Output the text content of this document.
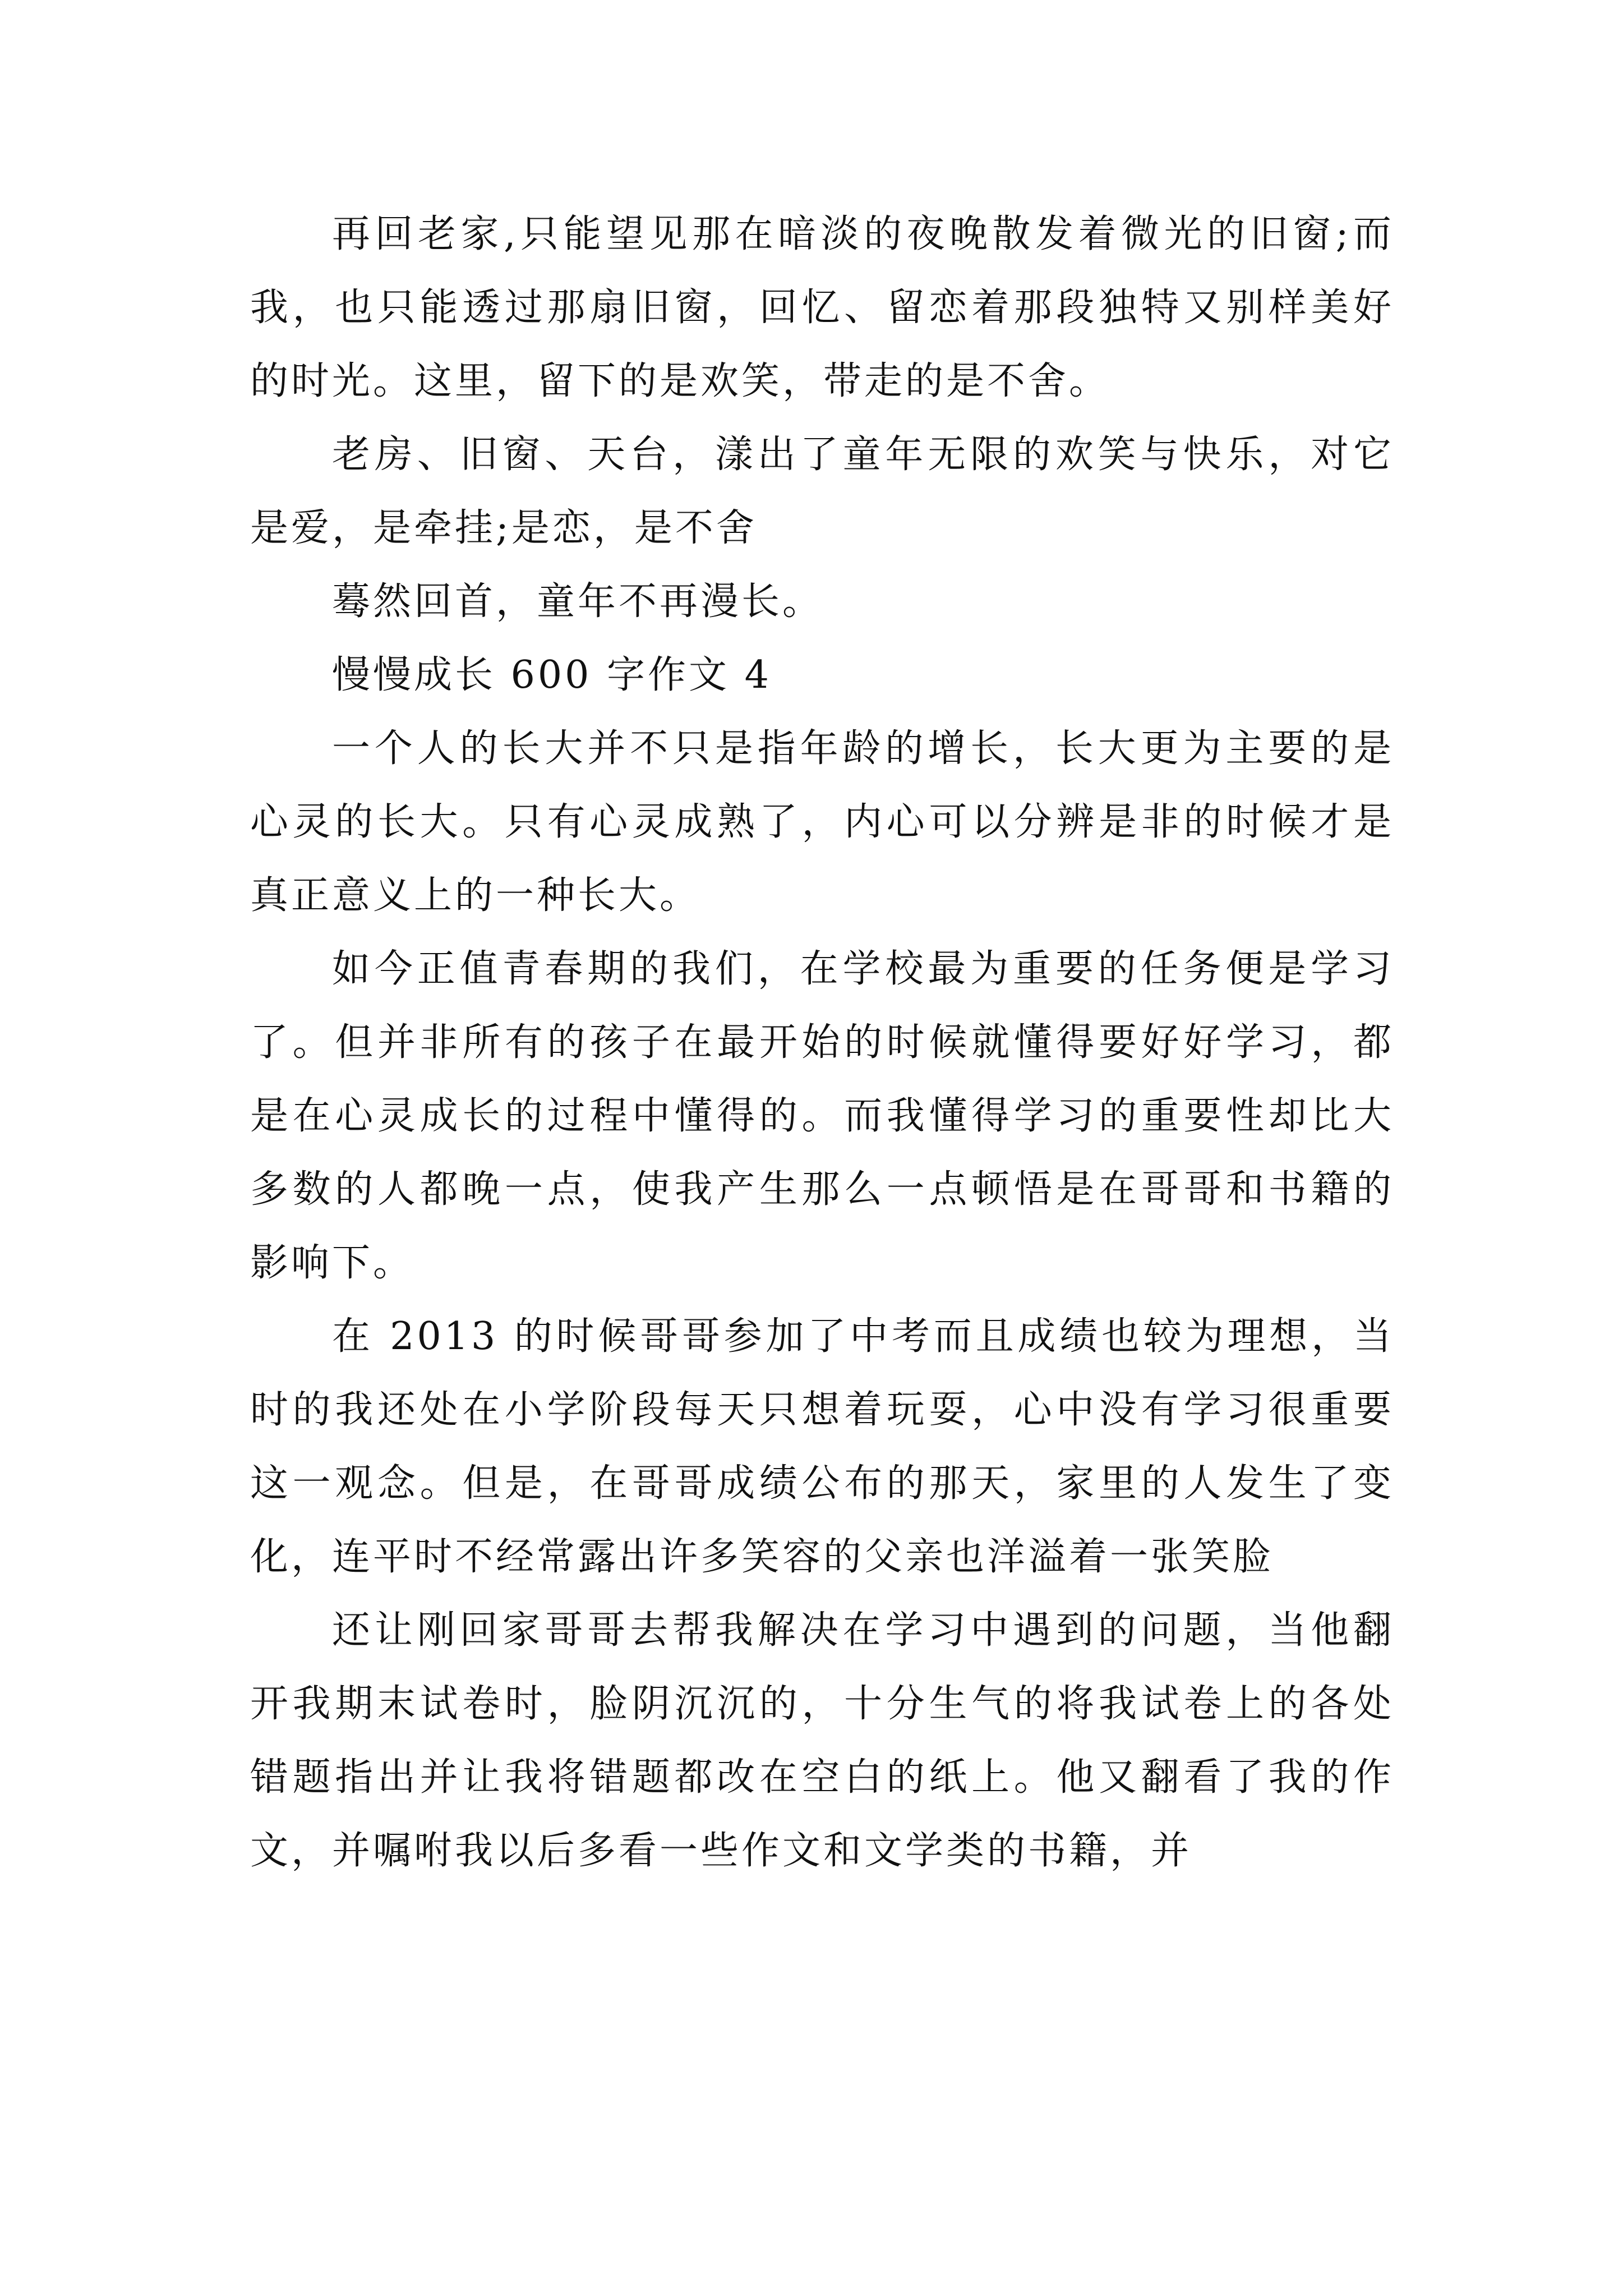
再回老家,只能望见那在暗淡的夜晚散发着微光的旧窗;而我，也只能透过那扇旧窗，回忆、留恋着那段独特又别样美好的时光。这里，留下的是欢笑，带走的是不舍。

老房、旧窗、天台，漾出了童年无限的欢笑与快乐，对它是爱，是牵挂;是恋，是不舍

蓦然回首，童年不再漫长。

慢慢成长 600 字作文 4

一个人的长大并不只是指年龄的增长，长大更为主要的是心灵的长大。只有心灵成熟了，内心可以分辨是非的时候才是真正意义上的一种长大。

如今正值青春期的我们，在学校最为重要的任务便是学习了。但并非所有的孩子在最开始的时候就懂得要好好学习，都是在心灵成长的过程中懂得的。而我懂得学习的重要性却比大多数的人都晚一点，使我产生那么一点顿悟是在哥哥和书籍的影响下。

在 2013 的时候哥哥参加了中考而且成绩也较为理想，当时的我还处在小学阶段每天只想着玩耍，心中没有学习很重要这一观念。但是，在哥哥成绩公布的那天，家里的人发生了变化，连平时不经常露出许多笑容的父亲也洋溢着一张笑脸

还让刚回家哥哥去帮我解决在学习中遇到的问题，当他翻开我期末试卷时，脸阴沉沉的，十分生气的将我试卷上的各处错题指出并让我将错题都改在空白的纸上。他又翻看了我的作文，并嘱咐我以后多看一些作文和文学类的书籍，并
